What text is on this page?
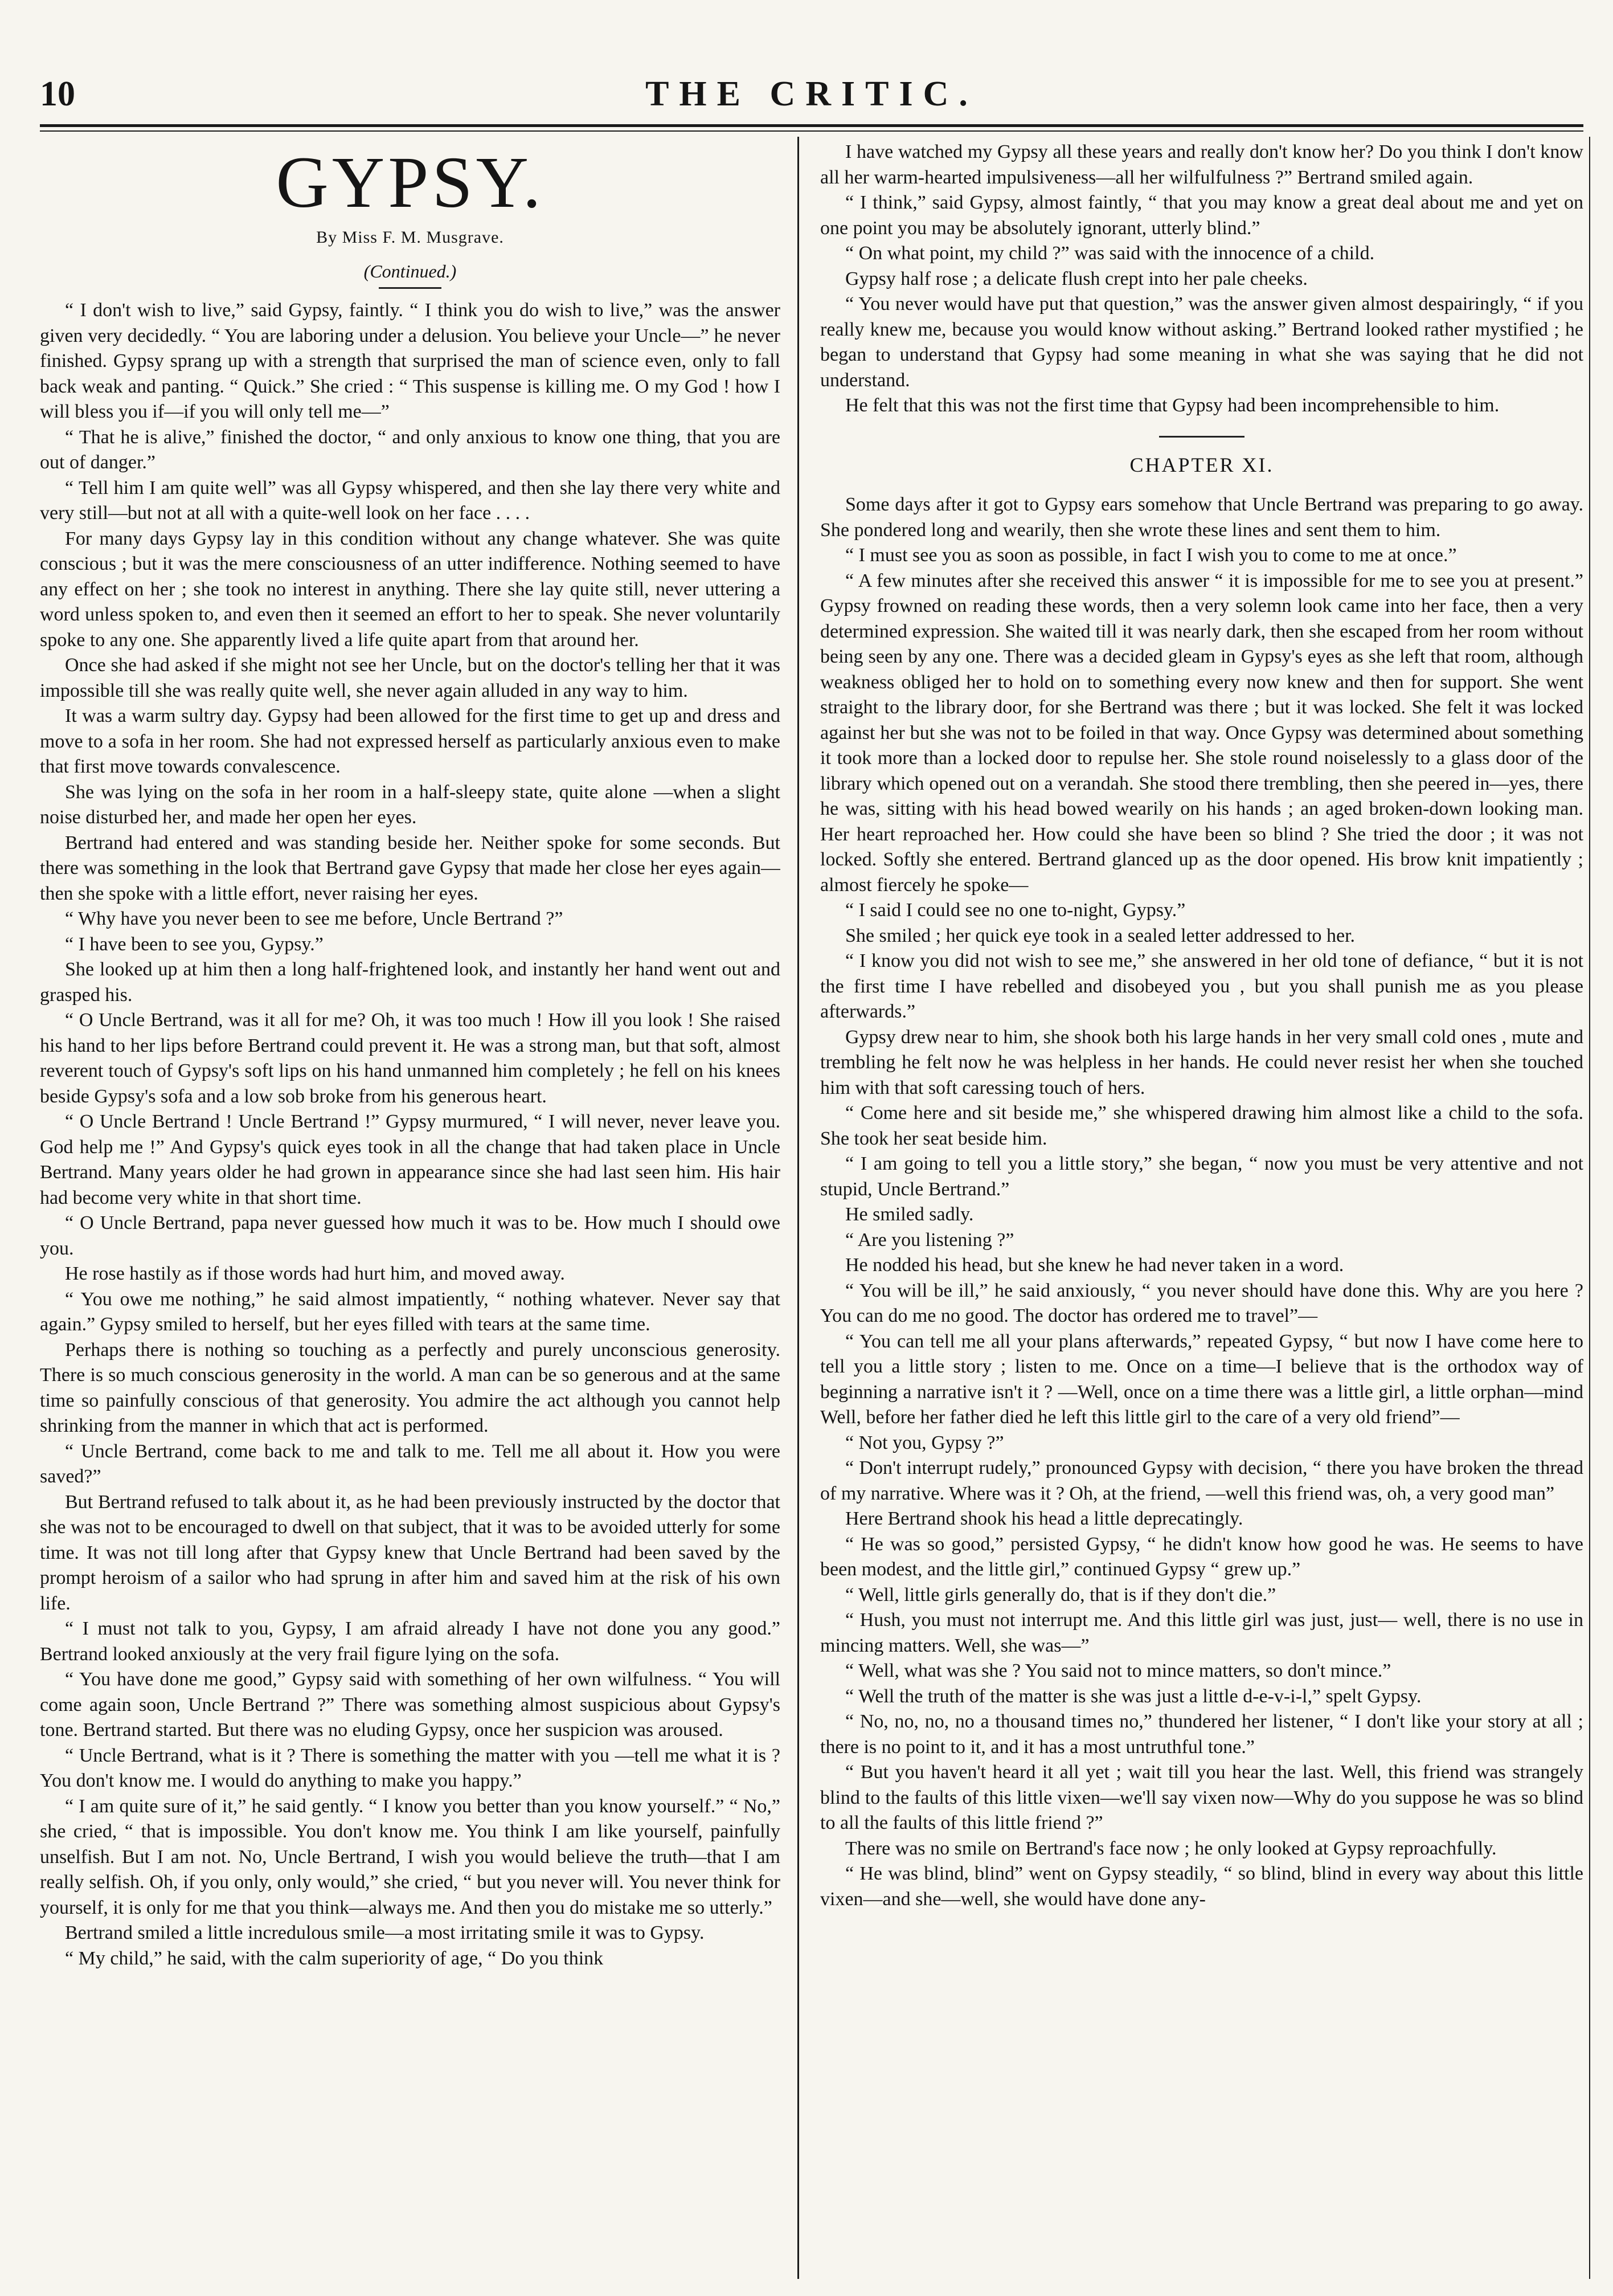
10	THE CRITIC.
GYPSY.
By Miss F. M. Musgrave.
(Continued.)

“ I don't wish to live,” said Gypsy, faintly. “ I think you do wish to live,” was the answer given very decidedly. “ You are laboring under a delusion. You believe your Uncle—” he never finished. Gypsy sprang up with a strength that surprised the man of science even, only to fall back weak and panting. “ Quick.” She cried : “ This suspense is killing me. O my God ! how I will bless you if—if you will only tell me—”

“ That he is alive,” finished the doctor, “ and only anxious to know one thing, that you are out of danger.”

“ Tell him I am quite well” was all Gypsy whispered, and then she lay there very white and very still—but not at all with a quite-well look on her face . . . .

For many days Gypsy lay in this condition without any change whatever. She was quite conscious ; but it was the mere consciousness of an utter indifference. Nothing seemed to have any effect on her ; she took no interest in anything. There she lay quite still, never uttering a word unless spoken to, and even then it seemed an effort to her to speak. She never voluntarily spoke to any one. She apparently lived a life quite apart from that around her.

Once she had asked if she might not see her Uncle, but on the doctor's telling her that it was impossible till she was really quite well, she never again alluded in any way to him.

It was a warm sultry day. Gypsy had been allowed for the first time to get up and dress and move to a sofa in her room. She had not expressed herself as particularly anxious even to make that first move towards convalescence.

She was lying on the sofa in her room in a half-sleepy state, quite alone —when a slight noise disturbed her, and made her open her eyes.

Bertrand had entered and was standing beside her. Neither spoke for some seconds. But there was something in the look that Bertrand gave Gypsy that made her close her eyes again—then she spoke with a little effort, never raising her eyes.

“ Why have you never been to see me before, Uncle Bertrand ?”

“ I have been to see you, Gypsy.”

She looked up at him then a long half-frightened look, and instantly her hand went out and grasped his.

“ O Uncle Bertrand, was it all for me? Oh, it was too much ! How ill you look ! She raised his hand to her lips before Bertrand could prevent it. He was a strong man, but that soft, almost reverent touch of Gypsy's soft lips on his hand unmanned him completely ; he fell on his knees beside Gypsy's sofa and a low sob broke from his generous heart.

“ O Uncle Bertrand ! Uncle Bertrand !” Gypsy murmured, “ I will never, never leave you. God help me !” And Gypsy's quick eyes took in all the change that had taken place in Uncle Bertrand. Many years older he had grown in appearance since she had last seen him. His hair had become very white in that short time.

“ O Uncle Bertrand, papa never guessed how much it was to be. How much I should owe you.

He rose hastily as if those words had hurt him, and moved away.

“ You owe me nothing,” he said almost impatiently, “ nothing whatever. Never say that again.” Gypsy smiled to herself, but her eyes filled with tears at the same time.

Perhaps there is nothing so touching as a perfectly and purely unconscious generosity. There is so much conscious generosity in the world. A man can be so generous and at the same time so painfully conscious of that generosity. You admire the act although you cannot help shrinking from the manner in which that act is performed.

“ Uncle Bertrand, come back to me and talk to me. Tell me all about it. How you were saved?”

But Bertrand refused to talk about it, as he had been previously instructed by the doctor that she was not to be encouraged to dwell on that subject, that it was to be avoided utterly for some time. It was not till long after that Gypsy knew that Uncle Bertrand had been saved by the prompt heroism of a sailor who had sprung in after him and saved him at the risk of his own life.

“ I must not talk to you, Gypsy, I am afraid already I have not done you any good.” Bertrand looked anxiously at the very frail figure lying on the sofa.

“ You have done me good,” Gypsy said with something of her own wilfulness. “ You will come again soon, Uncle Bertrand ?” There was something almost suspicious about Gypsy's tone. Bertrand started. But there was no eluding Gypsy, once her suspicion was aroused.

“ Uncle Bertrand, what is it ? There is something the matter with you —tell me what it is ? You don't know me. I would do anything to make you happy.”

“ I am quite sure of it,” he said gently. “ I know you better than you know yourself.” “ No,” she cried, “ that is impossible. You don't know me. You think I am like yourself, painfully unselfish. But I am not. No, Uncle Bertrand, I wish you would believe the truth—that I am really selfish. Oh, if you only, only would,” she cried, “ but you never will. You never think for yourself, it is only for me that you think—always me. And then you do mistake me so utterly.”

Bertrand smiled a little incredulous smile—a most irritating smile it was to Gypsy.

“ My child,” he said, with the calm superiority of age, “ Do you think

I have watched my Gypsy all these years and really don't know her? Do you think I don't know all her warm-hearted impulsiveness—all her wilfulfulness ?” Bertrand smiled again.

“ I think,” said Gypsy, almost faintly, “ that you may know a great deal about me and yet on one point you may be absolutely ignorant, utterly blind.”

“ On what point, my child ?” was said with the innocence of a child.

Gypsy half rose ; a delicate flush crept into her pale cheeks.

“ You never would have put that question,” was the answer given almost despairingly, “ if you really knew me, because you would know without asking.” Bertrand looked rather mystified ; he began to understand that Gypsy had some meaning in what she was saying that he did not understand.

He felt that this was not the first time that Gypsy had been incomprehensible to him.

CHAPTER XI.

Some days after it got to Gypsy ears somehow that Uncle Bertrand was preparing to go away. She pondered long and wearily, then she wrote these lines and sent them to him.

“ I must see you as soon as possible, in fact I wish you to come to me at once.”

“ A few minutes after she received this answer “ it is impossible for me to see you at present.” Gypsy frowned on reading these words, then a very solemn look came into her face, then a very determined expression. She waited till it was nearly dark, then she escaped from her room without being seen by any one. There was a decided gleam in Gypsy's eyes as she left that room, although weakness obliged her to hold on to something every now knew and then for support. She went straight to the library door, for she Bertrand was there ; but it was locked. She felt it was locked against her but she was not to be foiled in that way. Once Gypsy was determined about something it took more than a locked door to repulse her. She stole round noiselessly to a glass door of the library which opened out on a verandah. She stood there trembling, then she peered in—yes, there he was, sitting with his head bowed wearily on his hands ; an aged broken-down looking man. Her heart reproached her. How could she have been so blind ? She tried the door ; it was not locked. Softly she entered. Bertrand glanced up as the door opened. His brow knit impatiently ; almost fiercely he spoke—

“ I said I could see no one to-night, Gypsy.”

She smiled ; her quick eye took in a sealed letter addressed to her.

“ I know you did not wish to see me,” she answered in her old tone of defiance, “ but it is not the first time I have rebelled and disobeyed you , but you shall punish me as you please afterwards.”

Gypsy drew near to him, she shook both his large hands in her very small cold ones , mute and trembling he felt now he was helpless in her hands. He could never resist her when she touched him with that soft caressing touch of hers.

“ Come here and sit beside me,” she whispered drawing him almost like a child to the sofa. She took her seat beside him.

“ I am going to tell you a little story,” she began, “ now you must be very attentive and not stupid, Uncle Bertrand.”

He smiled sadly.

“ Are you listening ?”

He nodded his head, but she knew he had never taken in a word.

“ You will be ill,” he said anxiously, “ you never should have done this. Why are you here ? You can do me no good. The doctor has ordered me to travel”—

“ You can tell me all your plans afterwards,” repeated Gypsy, “ but now I have come here to tell you a little story ; listen to me. Once on a time—I believe that is the orthodox way of beginning a narrative isn't it ? —Well, once on a time there was a little girl, a little orphan—mind Well, before her father died he left this little girl to the care of a very old friend”—

“ Not you, Gypsy ?”

“ Don't interrupt rudely,” pronounced Gypsy with decision, “ there you have broken the thread of my narrative. Where was it ? Oh, at the friend, —well this friend was, oh, a very good man”

Here Bertrand shook his head a little deprecatingly.

“ He was so good,” persisted Gypsy, “ he didn't know how good he was. He seems to have been modest, and the little girl,” continued Gypsy “ grew up.”

“ Well, little girls generally do, that is if they don't die.”

“ Hush, you must not interrupt me. And this little girl was just, just— well, there is no use in mincing matters. Well, she was—”

“ Well, what was she ? You said not to mince matters, so don't mince.”

“ Well the truth of the matter is she was just a little d-e-v-i-l,” spelt Gypsy.

“ No, no, no, no a thousand times no,” thundered her listener, “ I don't like your story at all ; there is no point to it, and it has a most untruthful tone.”

“ But you haven't heard it all yet ; wait till you hear the last. Well, this friend was strangely blind to the faults of this little vixen—we'll say vixen now—Why do you suppose he was so blind to all the faults of this little friend ?”

There was no smile on Bertrand's face now ; he only looked at Gypsy reproachfully.

“ He was blind, blind” went on Gypsy steadily, “ so blind, blind in every way about this little vixen—and she—well, she would have done any-
